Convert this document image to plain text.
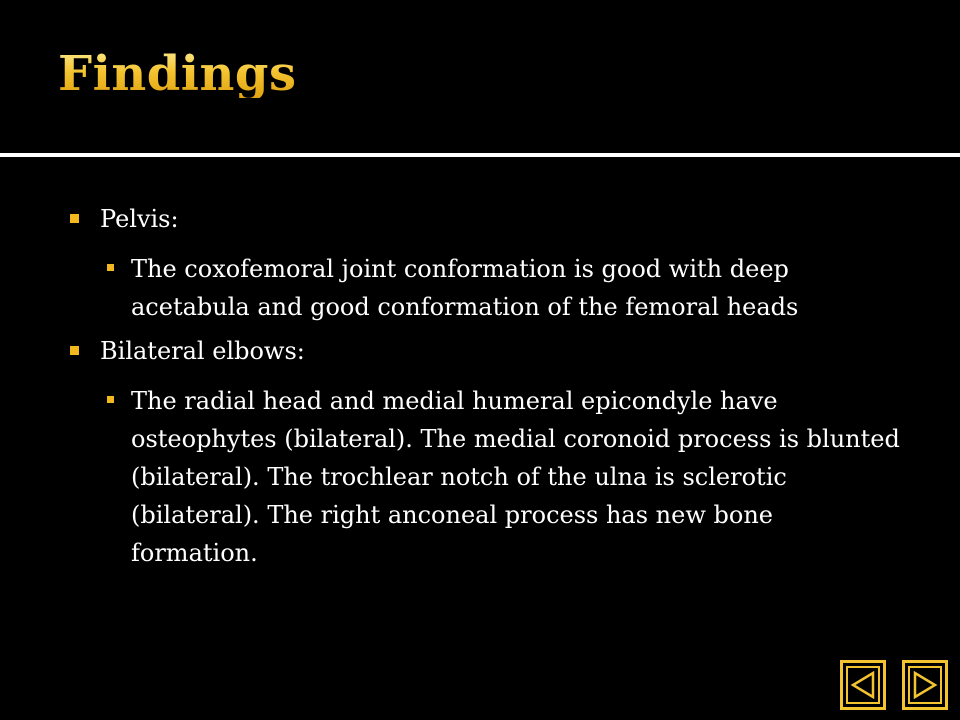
Findings
Pelvis:
The coxofemoral joint conformation is good with deep acetabula and good conformation of the femoral heads
Bilateral elbows:
The radial head and medial humeral epicondyle have osteophytes (bilateral). The medial coronoid process is blunted (bilateral). The trochlear notch of the ulna is sclerotic (bilateral). The right anconeal process has new bone formation.
